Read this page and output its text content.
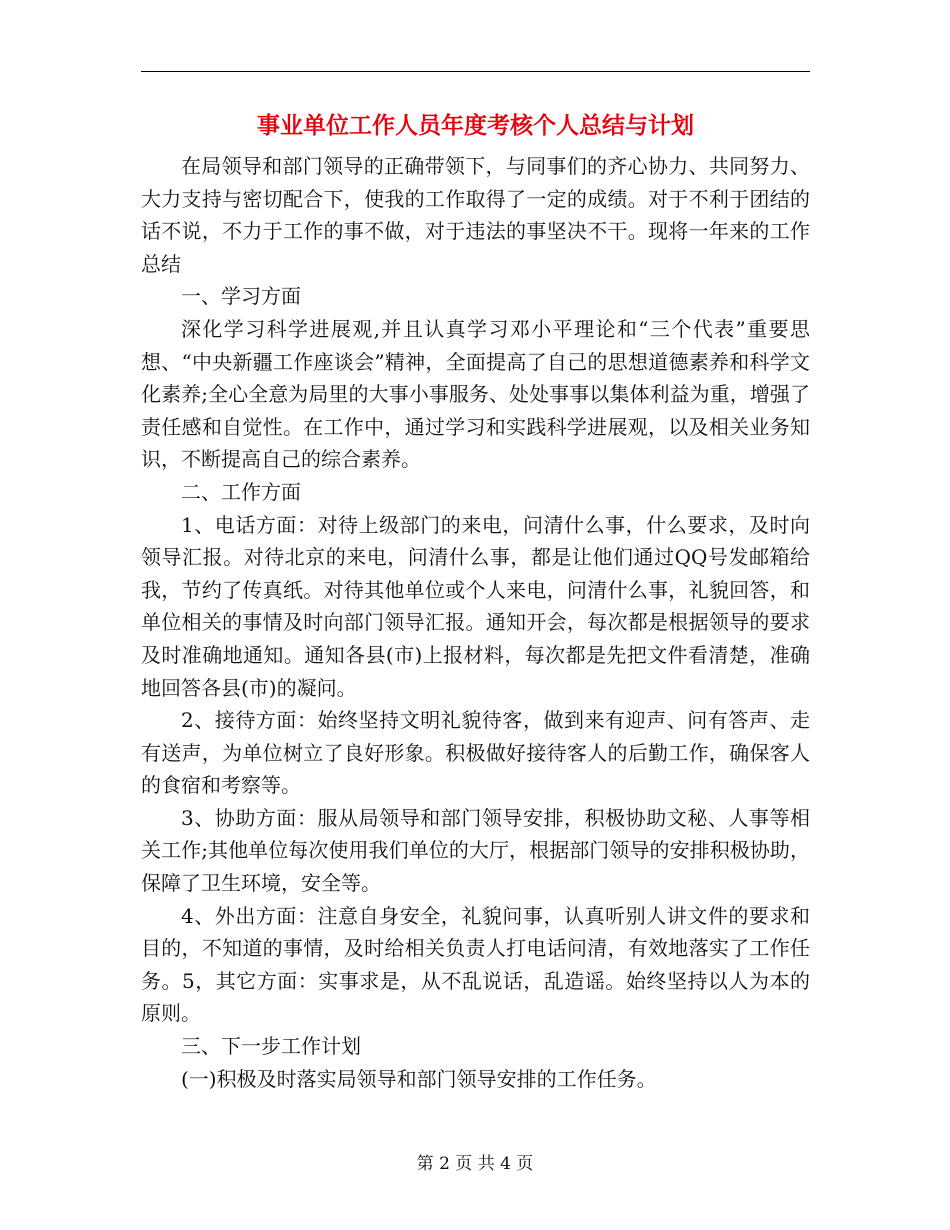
事业单位工作人员年度考核个人总结与计划

在局领导和部门领导的正确带领下，与同事们的齐心协力、共同努力、大力支持与密切配合下，使我的工作取得了一定的成绩。对于不利于团结的话不说，不力于工作的事不做，对于违法的事坚决不干。现将一年来的工作总结

一、学习方面

深化学习科学进展观,并且认真学习邓小平理论和“三个代表”重要思想、“中央新疆工作座谈会”精神，全面提高了自己的思想道德素养和科学文化素养;全心全意为局里的大事小事服务、处处事事以集体利益为重，增强了责任感和自觉性。在工作中，通过学习和实践科学进展观，以及相关业务知识，不断提高自己的综合素养。

二、工作方面

1、电话方面：对待上级部门的来电，问清什么事，什么要求，及时向领导汇报。对待北京的来电，问清什么事，都是让他们通过QQ号发邮箱给我，节约了传真纸。对待其他单位或个人来电，问清什么事，礼貌回答，和单位相关的事情及时向部门领导汇报。通知开会，每次都是根据领导的要求及时准确地通知。通知各县(市)上报材料，每次都是先把文件看清楚，准确地回答各县(市)的凝问。

2、接待方面：始终坚持文明礼貌待客，做到来有迎声、问有答声、走有送声，为单位树立了良好形象。积极做好接待客人的后勤工作，确保客人的食宿和考察等。

3、协助方面：服从局领导和部门领导安排，积极协助文秘、人事等相关工作;其他单位每次使用我们单位的大厅，根据部门领导的安排积极协助，保障了卫生环境，安全等。

4、外出方面：注意自身安全，礼貌问事，认真听别人讲文件的要求和目的，不知道的事情，及时给相关负责人打电话问清，有效地落实了工作任务。5，其它方面：实事求是，从不乱说话，乱造谣。始终坚持以人为本的原则。

三、下一步工作计划

(一)积极及时落实局领导和部门领导安排的工作任务。

第 2 页 共 4 页
